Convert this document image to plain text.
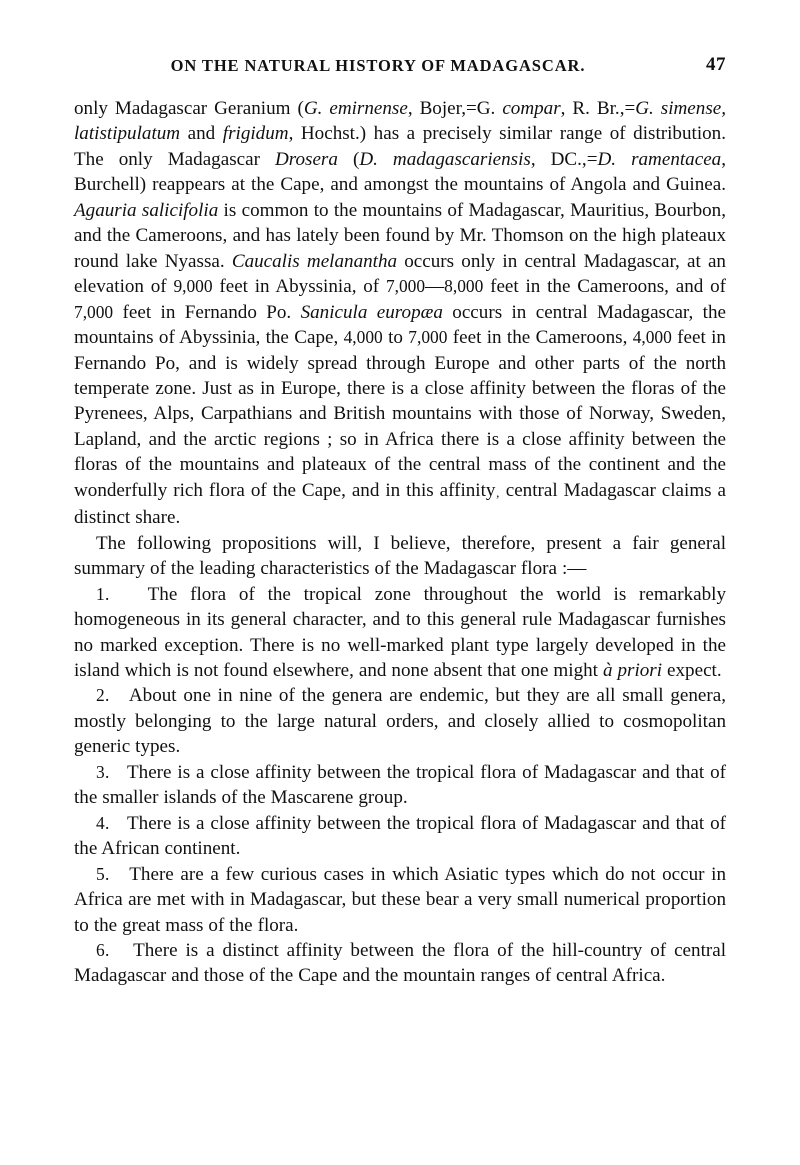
ON THE NATURAL HISTORY OF MADAGASCAR.	47

only Madagascar Geranium (G. emirnense, Bojer,=G. compar, R. Br.,=G. simense, latistipulatum and frigidum, Hochst.) has a precisely similar range of distribution. The only Madagascar Drosera (D. madagascariensis, DC.,=D. ramentacea, Burchell) reappears at the Cape, and amongst the mountains of Angola and Guinea. Agauria salicifolia is common to the mountains of Madagascar, Mauritius, Bourbon, and the Cameroons, and has lately been found by Mr. Thomson on the high plateaux round lake Nyassa. Caucalis melanantha occurs only in central Madagascar, at an elevation of 9,000 feet in Abyssinia, of 7,000—8,000 feet in the Cameroons, and of 7,000 feet in Fernando Po. Sanicula europæa occurs in central Madagascar, the mountains of Abyssinia, the Cape, 4,000 to 7,000 feet in the Cameroons, 4,000 feet in Fernando Po, and is widely spread through Europe and other parts of the north temperate zone. Just as in Europe, there is a close affinity between the floras of the Pyrenees, Alps, Carpathians and British mountains with those of Norway, Sweden, Lapland, and the arctic regions ; so in Africa there is a close affinity between the floras of the mountains and plateaux of the central mass of the continent and the wonderfully rich flora of the Cape, and in this affinity‚ central Madagascar claims a distinct share.

The following propositions will, I believe, therefore, present a fair general summary of the leading characteristics of the Madagascar flora :—

1. The flora of the tropical zone throughout the world is remarkably homogeneous in its general character, and to this general rule Madagascar furnishes no marked exception. There is no well-marked plant type largely developed in the island which is not found elsewhere, and none absent that one might à priori expect.

2. About one in nine of the genera are endemic, but they are all small genera, mostly belonging to the large natural orders, and closely allied to cosmopolitan generic types.

3. There is a close affinity between the tropical flora of Madagascar and that of the smaller islands of the Mascarene group.

4. There is a close affinity between the tropical flora of Madagascar and that of the African continent.

5. There are a few curious cases in which Asiatic types which do not occur in Africa are met with in Madagascar, but these bear a very small numerical proportion to the great mass of the flora.

6. There is a distinct affinity between the flora of the hill-country of central Madagascar and those of the Cape and the mountain ranges of central Africa.
